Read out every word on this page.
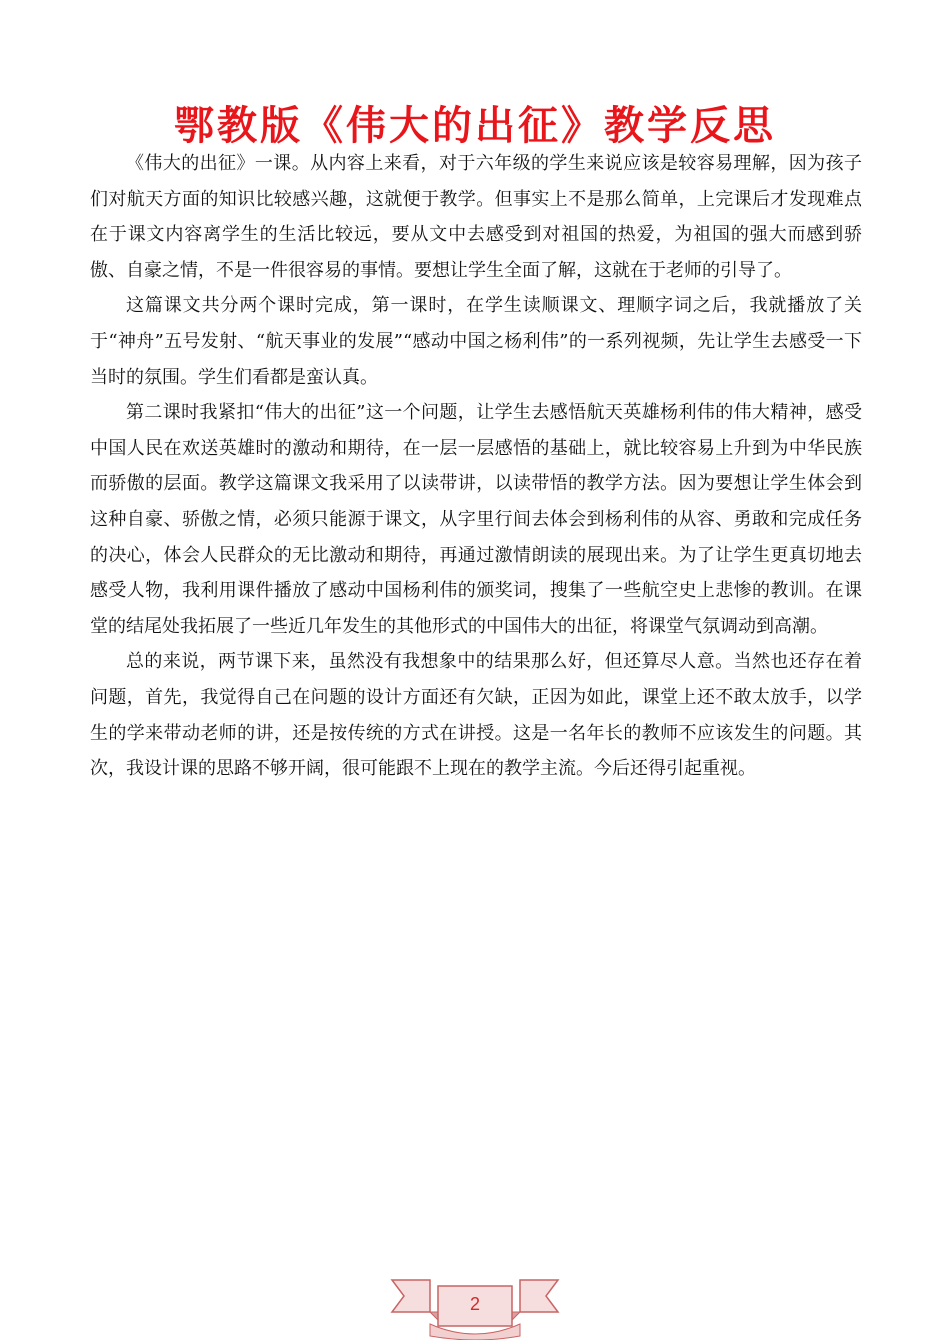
鄂教版《伟大的出征》教学反思

《伟大的出征》一课。从内容上来看，对于六年级的学生来说应该是较容易理解，因为孩子们对航天方面的知识比较感兴趣，这就便于教学。但事实上不是那么简单，上完课后才发现难点在于课文内容离学生的生活比较远，要从文中去感受到对祖国的热爱，为祖国的强大而感到骄傲、自豪之情，不是一件很容易的事情。要想让学生全面了解，这就在于老师的引导了。

这篇课文共分两个课时完成，第一课时，在学生读顺课文、理顺字词之后，我就播放了关于“神舟”五号发射、“航天事业的发展”“感动中国之杨利伟”的一系列视频，先让学生去感受一下当时的氛围。学生们看都是蛮认真。

第二课时我紧扣“伟大的出征”这一个问题，让学生去感悟航天英雄杨利伟的伟大精神，感受中国人民在欢送英雄时的激动和期待，在一层一层感悟的基础上，就比较容易上升到为中华民族而骄傲的层面。教学这篇课文我采用了以读带讲，以读带悟的教学方法。因为要想让学生体会到这种自豪、骄傲之情，必须只能源于课文，从字里行间去体会到杨利伟的从容、勇敢和完成任务的决心，体会人民群众的无比激动和期待，再通过激情朗读的展现出来。为了让学生更真切地去感受人物，我利用课件播放了感动中国杨利伟的颁奖词，搜集了一些航空史上悲惨的教训。在课堂的结尾处我拓展了一些近几年发生的其他形式的中国伟大的出征，将课堂气氛调动到高潮。

总的来说，两节课下来，虽然没有我想象中的结果那么好，但还算尽人意。当然也还存在着问题，首先，我觉得自己在问题的设计方面还有欠缺，正因为如此，课堂上还不敢太放手，以学生的学来带动老师的讲，还是按传统的方式在讲授。这是一名年长的教师不应该发生的问题。其次，我设计课的思路不够开阔，很可能跟不上现在的教学主流。今后还得引起重视。

2
